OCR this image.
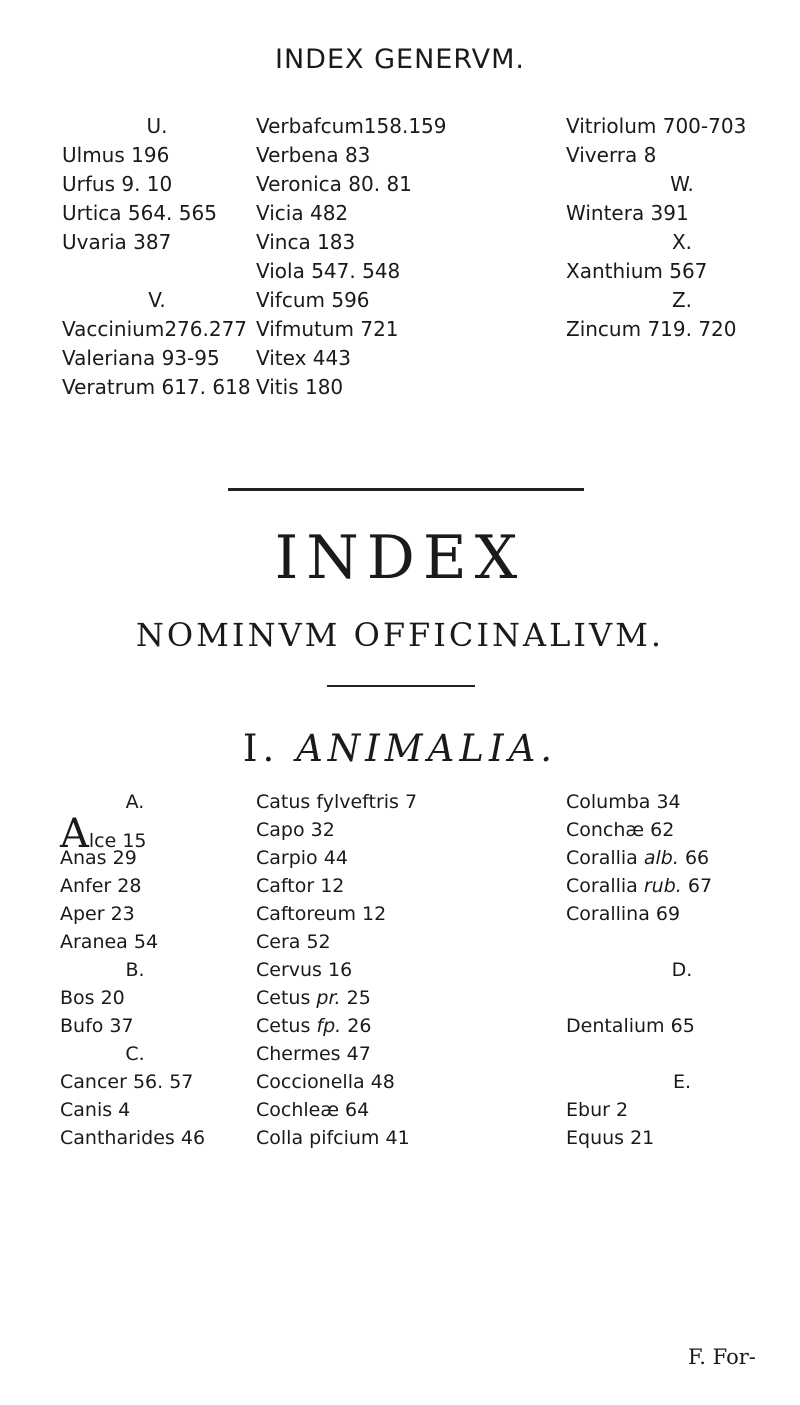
INDEX GENERVM.
U.
Ulmus 196
Urfus 9. 10
Urtica 564. 565
Uvaria 387
V.
Vaccinium276.277
Valeriana 93-95
Veratrum 617. 618
Verbafcum158.159
Verbena 83
Veronica 80. 81
Vicia 482
Vinca 183
Viola 547. 548
Vifcum 596
Vifmutum 721
Vitex 443
Vitis 180
Vitriolum 700-703
Viverra 8
W.
Wintera 391
X.
Xanthium 567
Z.
Zincum 719. 720
INDEX
NOMINVM OFFICINALIVM.
I. ANIMALIA.
A.
Alce 15
Anas 29
Anfer 28
Aper 23
Aranea 54
B.
Bos 20
Bufo 37
C.
Cancer 56. 57
Canis 4
Cantharides 46
Catus fylveftris 7
Capo 32
Carpio 44
Caftor 12
Caftoreum 12
Cera 52
Cervus 16
Cetus pr. 25
Cetus fp. 26
Chermes 47
Coccionella 48
Cochleæ 64
Colla pifcium 41
Columba 34
Conchæ 62
Corallia alb. 66
Corallia rub. 67
Corallina 69
D.
Dentalium 65
E.
Ebur 2
Equus 21
F. For-
